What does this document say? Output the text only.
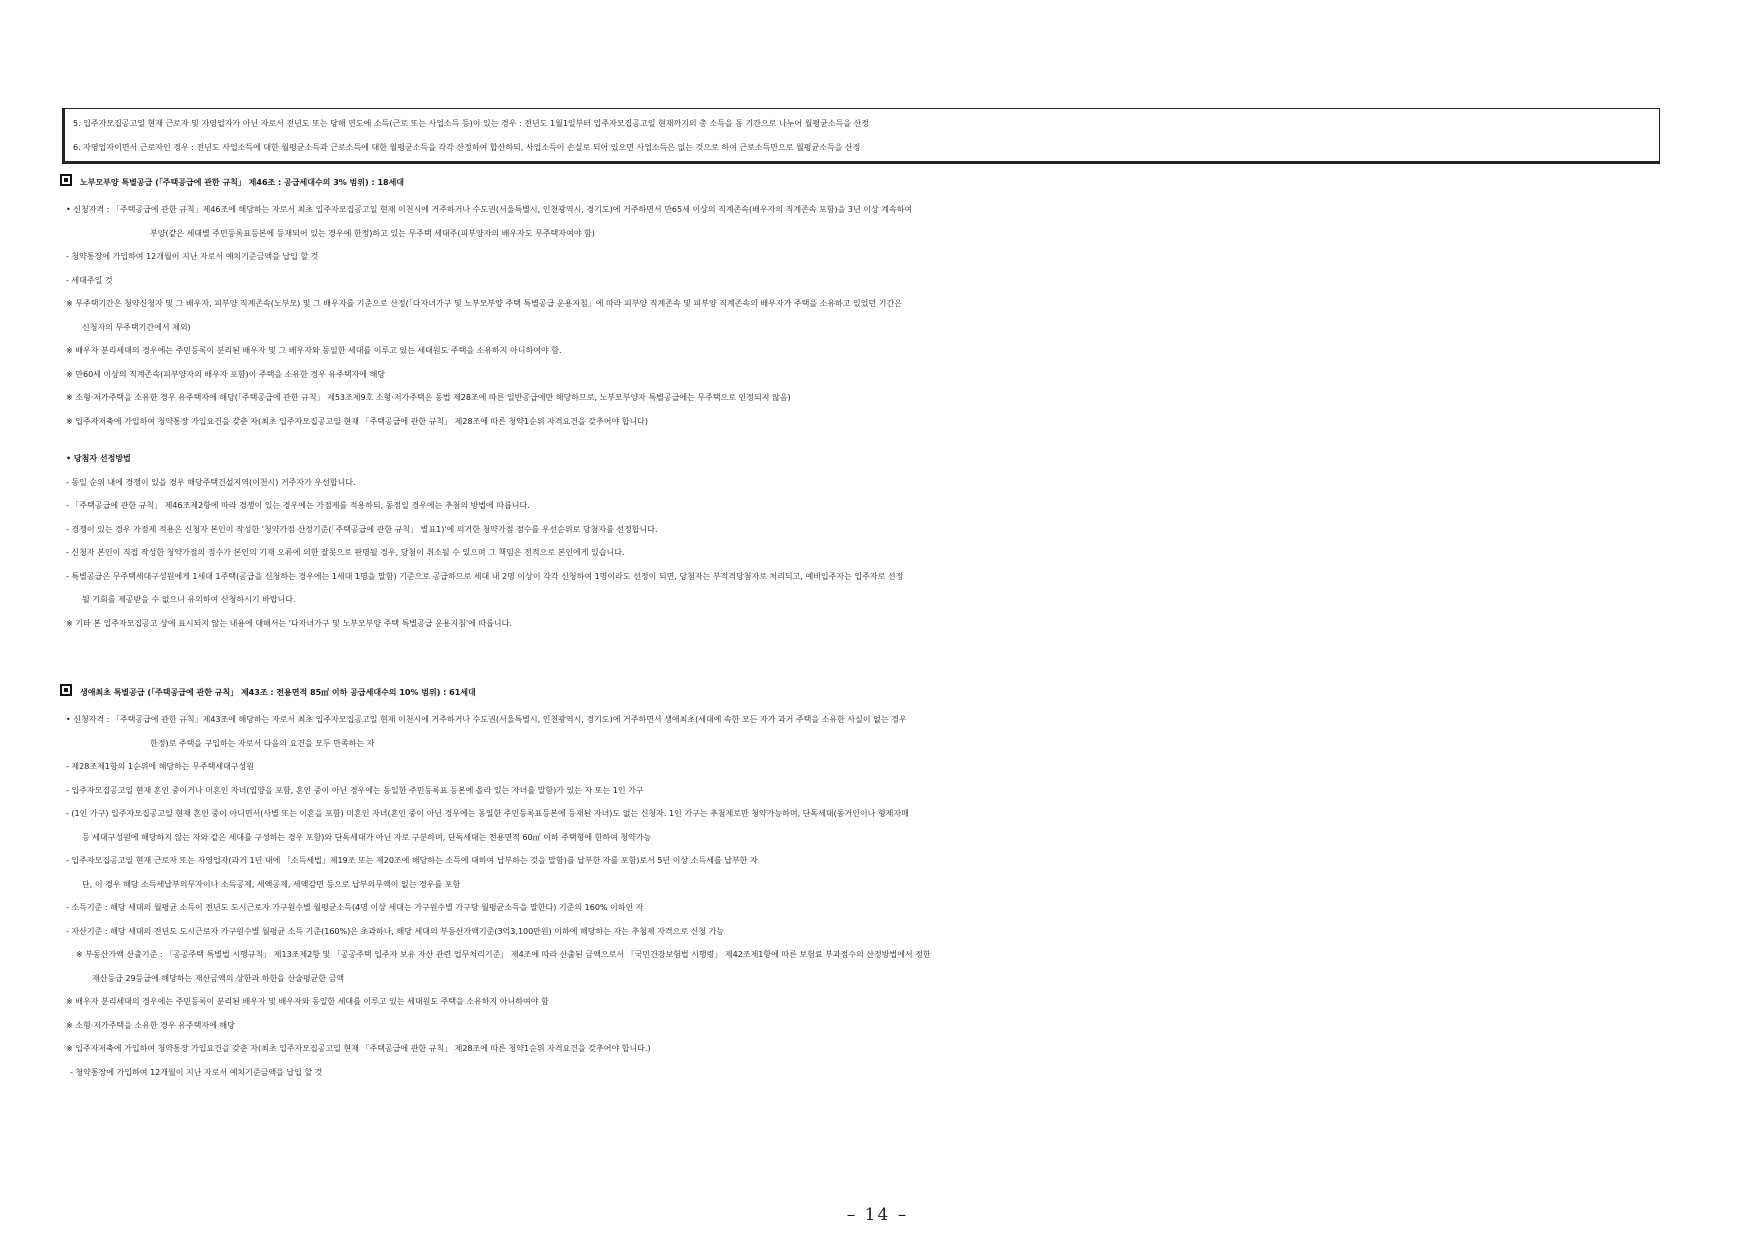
5. 입주자모집공고일 현재 근로자 및 자영업자가 아닌 자로서 전년도 또는 당해 연도에 소득(근로 또는 사업소득 등)이 있는 경우 : 전년도 1월1일부터 입주자모집공고일 현재까지의 총 소득을 동 기간으로 나누어 월평균소득을 산정
6. 자영업자이면서 근로자인 경우 : 전년도 사업소득에 대한 월평균소득과 근로소득에 대한 월평균소득을 각각 산정하여 합산하되, 사업소득이 손실로 되어 있으면 사업소득은 없는 것으로 하여 근로소득만으로 월평균소득을 산정
노부모부양 특별공급 (「주택공급에 관한 규칙」 제46조 : 공급세대수의 3% 범위) : 18세대
• 신청자격 : 「주택공급에 관한 규칙」제46조에 해당하는 자로서 최초 입주자모집공고일 현재 이천시에 거주하거나 수도권(서울특별시, 인천광역시, 경기도)에 거주하면서 만65세 이상의 직계존속(배우자의 직계존속 포함)을 3년 이상 계속하여
부양(같은 세대별 주민등록표등본에 등재되어 있는 경우에 한정)하고 있는 무주택 세대주(피부양자의 배우자도 무주택자여야 함)
- 청약통장에 가입하여 12개월이 지난 자로서 예치기준금액을 납입 할 것
- 세대주일 것
※ 무주택기간은 청약신청자 및 그 배우자, 피부양 직계존속(노부모) 및 그 배우자를 기준으로 산정(「다자녀가구 및 노부모부양 주택 특별공급 운용지침」에 따라 피부양 직계존속 및 피부양 직계존속의 배우자가 주택을 소유하고 있었던 기간은
신청자의 무주택기간에서 제외)
※ 배우자 분리세대의 경우에는 주민등록이 분리된 배우자 및 그 배우자와 동일한 세대를 이루고 있는 세대원도 주택을 소유하지 아니하여야 함.
※ 만60세 이상의 직계존속(피부양자의 배우자 포함)이 주택을 소유한 경우 유주택자에 해당
※ 소형·저가주택을 소유한 경우 유주택자에 해당(「주택공급에 관한 규칙」 제53조제9호 소형·저가주택은 동법 제28조에 따른 일반공급에만 해당하므로, 노부모부양자 특별공급에는 무주택으로 인정되지 않음)
※ 입주자저축에 가입하여 청약통장 가입요건을 갖춘 자(최초 입주자모집공고일 현재 「주택공급에 관한 규칙」 제28조에 따른 청약1순위 자격요건을 갖추어야 합니다)
• 당첨자 선정방법
- 동일 순위 내에 경쟁이 있을 경우 해당주택건설지역(이천시) 거주자가 우선합니다.
- 「주택공급에 관한 규칙」 제46조제2항에 따라 경쟁이 있는 경우에는 가점제를 적용하되, 동점일 경우에는 추첨의 방법에 따릅니다.
- 경쟁이 있는 경우 가점제 적용은 신청자 본인이 작성한 '청약가점 산정기준(「주택공급에 관한 규칙」 별표1)'에 의거한 청약가점 점수를 우선순위로 당첨자를 선정합니다.
- 신청자 본인이 직접 작성한 청약가점의 점수가 본인의 기재 오류에 의한 잘못으로 판명될 경우, 당첨이 취소될 수 있으며 그 책임은 전적으로 본인에게 있습니다.
- 특별공급은 무주택세대구성원에게 1세대 1주택(공급을 신청하는 경우에는 1세대 1명을 말함) 기준으로 공급하므로 세대 내 2명 이상이 각각 신청하여 1명이라도 선정이 되면, 당첨자는 부적격당첨자로 처리되고, 예비입주자는 입주자로 선정
될 기회를 제공받을 수 없으니 유의하여 신청하시기 바랍니다.
※ 기타 본 입주자모집공고 상에 표시되지 않는 내용에 대해서는 '다자녀가구 및 노부모부양 주택 특별공급 운용지침'에 따릅니다.
생애최초 특별공급 (「주택공급에 관한 규칙」 제43조 : 전용면적 85㎡ 이하 공급세대수의 10% 범위) : 61세대
• 신청자격 : 「주택공급에 관한 규칙」제43조에 해당하는 자로서 최초 입주자모집공고일 현재 이천시에 거주하거나 수도권(서울특별시, 인천광역시, 경기도)에 거주하면서 생애최초(세대에 속한 모든 자가 과거 주택을 소유한 사실이 없는 경우
한정)로 주택을 구입하는 자로서 다음의 요건을 모두 만족하는 자
- 제28조제1항의 1순위에 해당하는 무주택세대구성원
- 입주자모집공고일 현재 혼인 중이거나 미혼인 자녀(입양을 포함, 혼인 중이 아닌 경우에는 동일한 주민등록표 등본에 올라 있는 자녀를 말함)가 있는 자 또는 1인 가구
- (1인 가구) 입주자모집공고일 현재 혼인 중이 아니면서(사별 또는 이혼을 포함) 미혼인 자녀(혼인 중이 아닌 경우에는 동일한 주민등록표등본에 등재된 자녀)도 없는 신청자. 1인 가구는 추첨제로만 청약가능하며, 단독세대(동거인이나 형제자매
등 세대구성원에 해당하지 않는 자와 같은 세대를 구성하는 경우 포함)와 단독세대가 아닌 자로 구분하며, 단독세대는 전용면적 60㎡ 이하 주택형에 한하여 청약가능
- 입주자모집공고일 현재 근로자 또는 자영업자(과거 1년 내에 「소득세법」제19조 또는 제20조에 해당하는 소득에 대하여 납부하는 것을 말함)를 납부한 자를 포함)로서 5년 이상 소득세를 납부한 자
단, 이 경우 해당 소득세납부의무자이나 소득공제, 세액공제, 세액감면 등으로 납부의무액이 없는 경우를 포함
- 소득기준 : 해당 세대의 월평균 소득이 전년도 도시근로자 가구원수별 월평균소득(4명 이상 세대는 가구원수별 가구당 월평균소득을 말한다) 기준의 160% 이하인 자
- 자산기준 : 해당 세대의 전년도 도시근로자 가구원수별 월평균 소득 기준(160%)은 초과하나, 해당 세대의 부동산가액기준(3억3,100만원) 이하에 해당하는 자는 추첨제 자격으로 신청 가능
※ 부동산가액 산출기준 : 「공공주택 특별법 시행규칙」 제13조제2항 및 「공공주택 입주자 보유 자산 관련 업무처리기준」 제4조에 따라 산출된 금액으로서 「국민건강보험법 시행령」 제42조제1항에 따른 보험료 부과점수의 산정방법에서 정한
재산등급 29등급에 해당하는 재산금액의 상한과 하한을 산술평균한 금액
※ 배우자 분리세대의 경우에는 주민등록이 분리된 배우자 및 배우자와 동일한 세대를 이루고 있는 세대원도 주택을 소유하지 아니하여야 함
※ 소형·저가주택을 소유한 경우 유주택자에 해당
※ 입주자저축에 가입하여 청약통장 가입요건을 갖춘 자(최초 입주자모집공고일 현재 「주택공급에 관한 규칙」 제28조에 따른 청약1순위 자격요건을 갖추어야 합니다.)
- 청약통장에 가입하여 12개월이 지난 자로서 예치기준금액을 납입 할 것
– 14 –
